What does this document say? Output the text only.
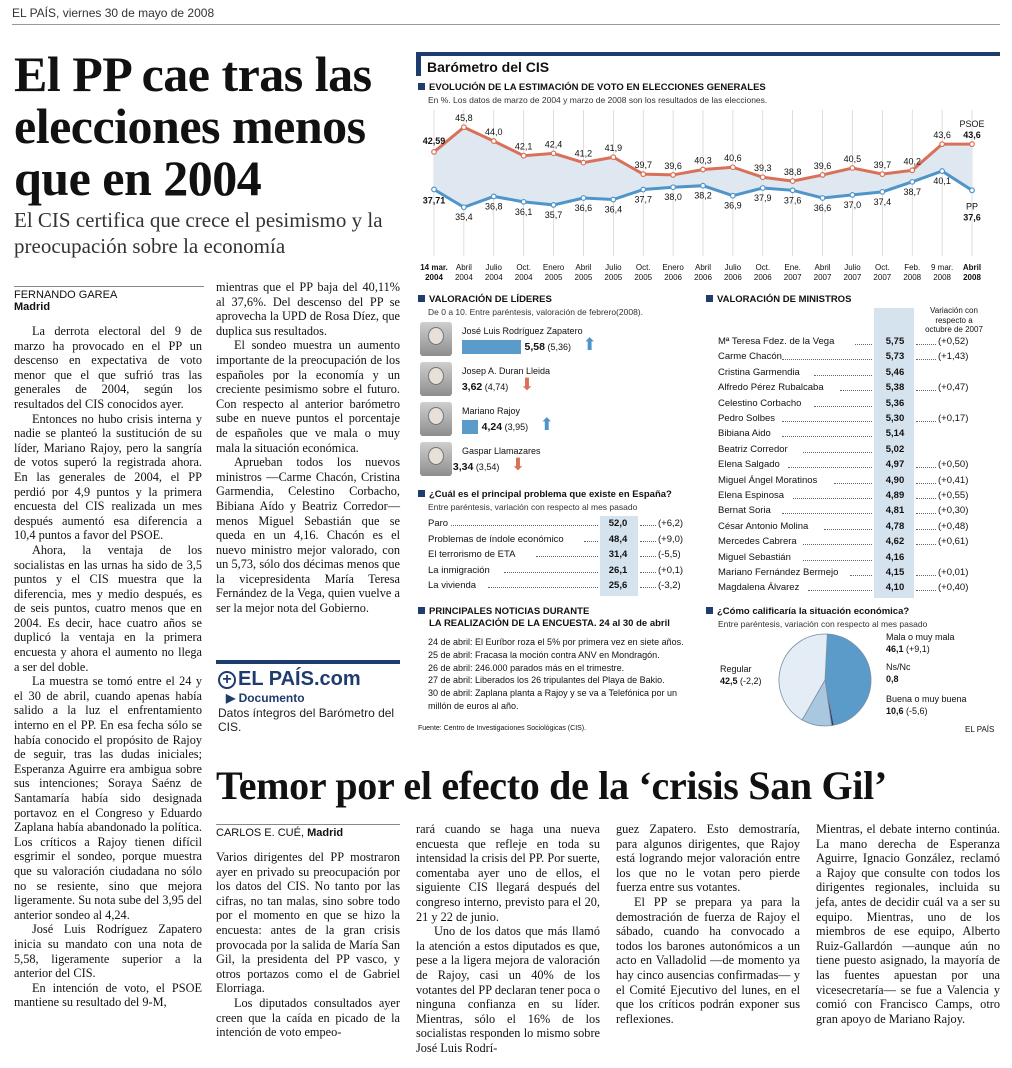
EL PAÍS, viernes 30 de mayo de 2008
El PP cae tras las elecciones menos que en 2004
El CIS certifica que crece el pesimismo y la preocupación sobre la economía
FERNANDO GAREA
Madrid

La derrota electoral del 9 de marzo ha provocado en el PP un descenso en expectativa de voto menor que el que sufrió tras las generales de 2004, según los resultados del CIS conocidos ayer.

Entonces no hubo crisis interna y nadie se planteó la sustitución de su líder, Mariano Rajoy, pero la sangría de votos superó la registrada ahora. En las generales de 2004, el PP perdió por 4,9 puntos y la primera encuesta del CIS realizada un mes después aumentó esa diferencia a 10,4 puntos a favor del PSOE.

Ahora, la ventaja de los socialistas en las urnas ha sido de 3,5 puntos y el CIS muestra que la diferencia, mes y medio después, es de seis puntos, cuatro menos que en 2004. Es decir, hace cuatro años se duplicó la ventaja en la primera encuesta y ahora el aumento no llega a ser del doble.

La muestra se tomó entre el 24 y el 30 de abril, cuando apenas había salido a la luz el enfrentamiento interno en el PP. En esa fecha sólo se había conocido el propósito de Rajoy de seguir, tras las dudas iniciales; Esperanza Aguirre era ambigua sobre sus intenciones; Soraya Saénz de Santamaría había sido designada portavoz en el Congreso y Eduardo Zaplana había abandonado la política. Los críticos a Rajoy tienen difícil esgrimir el sondeo, porque muestra que su valoración ciudadana no sólo no se resiente, sino que mejora ligeramente. Su nota sube del 3,95 del anterior sondeo al 4,24.

José Luis Rodríguez Zapatero inicia su mandato con una nota de 5,58, ligeramente superior a la anterior del CIS.

En intención de voto, el PSOE mantiene su resultado del 9-M,

mientras que el PP baja del 40,11% al 37,6%. Del descenso del PP se aprovecha la UPD de Rosa Díez, que duplica sus resultados.

El sondeo muestra un aumento importante de la preocupación de los españoles por la economía y un creciente pesimismo sobre el futuro. Con respecto al anterior barómetro sube en nueve puntos el porcentaje de españoles que ve mala o muy mala la situación económica.

Aprueban todos los nuevos ministros —Carme Chacón, Cristina Garmendia, Celestino Corbacho, Bibiana Aído y Beatriz Corredor— menos Miguel Sebastián que se queda en un 4,16. Chacón es el nuevo ministro mejor valorado, con un 5,73, sólo dos décimas menos que la vicepresidenta María Teresa Fernández de la Vega, quien vuelve a ser la mejor nota del Gobierno.

+ EL PAÍS.com
▶ Documento
Datos íntegros del Barómetro del CIS.
Barómetro del CIS
EVOLUCIÓN DE LA ESTIMACIÓN DE VOTO EN ELECCIONES GENERALES
En %. Los datos de marzo de 2004 y marzo de 2008 son los resultados de las elecciones.
42,59
45,8
44,0
42,1 42,4
41,2
41,9
39,7 39,6
40,3 40,6
39,3 38,8
39,6
40,5
39,7 40,2
43,6 43,6
37,71
35,4
36,8
36,1 35,7
36,6 36,4
37,7 38,0 38,2
36,9
37,9 37,6
36,6 37,0 37,4
38,7
40,1
37,6
PSOE
PP
14 mar.
2004
Abril
2004
Julio
2004
Oct.
2004
Enero
2005
Abril
2005
Julio
2005
Oct.
2005
Enero
2006
Abril
2006
Julio
2006
Oct.
2006
Ene.
2007
Abril
2007
Julio
2007
Oct.
2007
Feb.
2008
9 mar.
2008
Abril
2008
VALORACIÓN DE LÍDERES
De 0 a 10. Entre paréntesis, valoración de febrero(2008).
José Luis Rodríguez Zapatero
5,58 (5,36) ⬆
Josep A. Duran Lleida
3,62 (4,74) ⬇
Mariano Rajoy
4,24 (3,95) ⬆
Gaspar Llamazares
3,34 (3,54) ⬇
¿Cuál es el principal problema que existe en España?
Entre paréntesis, variación con respecto al mes pasado
Paro	52,0	(+6,2)
Problemas de índole económico	48,4	(+9,0)
El terrorismo de ETA	31,4	(-5,5)
La inmigración	26,1	(+0,1)
La vivienda	25,6	(-3,2)
PRINCIPALES NOTICIAS DURANTE
LA REALIZACIÓN DE LA ENCUESTA. 24 al 30 de abril
24 de abril: El Euríbor roza el 5% por primera vez en siete años.
25 de abril: Fracasa la moción contra ANV en Mondragón.
26 de abril: 246.000 parados más en el trimestre.
27 de abril: Liberados los 26 tripulantes del Playa de Bakio.
30 de abril: Zaplana planta a Rajoy y se va a Telefónica por un
millón de euros al año.
Fuente: Centro de Investigaciones Sociológicas (CIS).
VALORACIÓN DE MINISTROS
Variación con
respecto a
octubre de 2007
Mª Teresa Fdez. de la Vega	5,75	(+0,52)
Carme Chacón	5,73	(+1,43)
Cristina Garmendia	5,46
Alfredo Pérez Rubalcaba	5,38	(+0,47)
Celestino Corbacho	5,36
Pedro Solbes	5,30	(+0,17)
Bibiana Aido	5,14
Beatriz Corredor	5,02
Elena Salgado	4,97	(+0,50)
Miguel Ángel Moratinos	4,90	(+0,41)
Elena Espinosa	4,89	(+0,55)
Bernat Soria	4,81	(+0,30)
César Antonio Molina	4,78	(+0,48)
Mercedes Cabrera	4,62	(+0,61)
Miguel Sebastián	4,16
Mariano Fernández Bermejo	4,15	(+0,01)
Magdalena Álvarez	4,10	(+0,40)
¿Cómo calificaría la situación económica?
Entre paréntesis, variación con respecto al mes pasado
Mala o muy mala
46,1 (+9,1)
Ns/Nc
0,8
Buena o muy buena
10,6 (-5,6)
Regular
42,5 (-2,2)
EL PAÍS
Temor por el efecto de la ‘crisis San Gil’
CARLOS E. CUÉ, Madrid

Varios dirigentes del PP mostraron ayer en privado su preocupación por los datos del CIS. No tanto por las cifras, no tan malas, sino sobre todo por el momento en que se hizo la encuesta: antes de la gran crisis provocada por la salida de María San Gil, la presidenta del PP vasco, y otros portazos como el de Gabriel Elorriaga.

Los diputados consultados ayer creen que la caída en picado de la intención de voto empeo-

rará cuando se haga una nueva encuesta que refleje en toda su intensidad la crisis del PP. Por suerte, comentaba ayer uno de ellos, el siguiente CIS llegará después del congreso interno, previsto para el 20, 21 y 22 de junio.

Uno de los datos que más llamó la atención a estos diputados es que, pese a la ligera mejora de valoración de Rajoy, casi un 40% de los votantes del PP declaran tener poca o ninguna confianza en su líder. Mientras, sólo el 16% de los socialistas responden lo mismo sobre José Luis Rodrí-

guez Zapatero. Esto demostraría, para algunos dirigentes, que Rajoy está logrando mejor valoración entre los que no le votan pero pierde fuerza entre sus votantes.

El PP se prepara ya para la demostración de fuerza de Rajoy el sábado, cuando ha convocado a todos los barones autonómicos a un acto en Valladolid —de momento ya hay cinco ausencias confirmadas— y el Comité Ejecutivo del lunes, en el que los críticos podrán exponer sus reflexiones.

Mientras, el debate interno continúa. La mano derecha de Esperanza Aguirre, Ignacio González, reclamó a Rajoy que consulte con todos los dirigentes regionales, incluida su jefa, antes de decidir cuál va a ser su equipo. Mientras, uno de los miembros de ese equipo, Alberto Ruiz-Gallardón —aunque aún no tiene puesto asignado, la mayoría de las fuentes apuestan por una vicesecretaría— se fue a Valencia y comió con Francisco Camps, otro gran apoyo de Mariano Rajoy.
